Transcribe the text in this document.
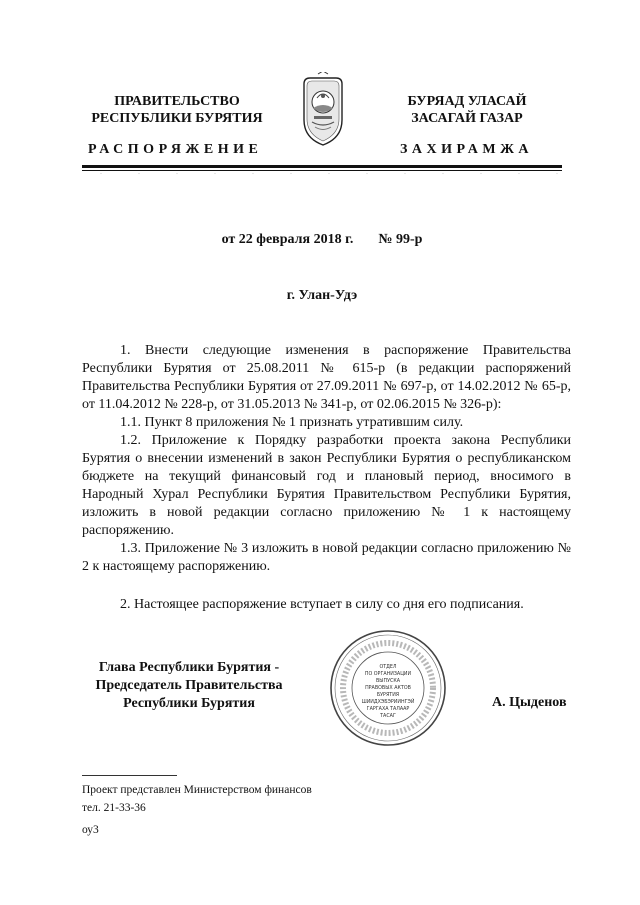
ПРАВИТЕЛЬСТВО
РЕСПУБЛИКИ БУРЯТИЯ
БУРЯАД УЛАСАЙ
ЗАСАГАЙ ГАЗАР
РАСПОРЯЖЕНИЕ	ЗАХИРАМЖА
от 22 февраля 2018 г. № 99-р
г. Улан-Удэ

1. Внести следующие изменения в распоряжение Правительства Республики Бурятия от 25.08.2011 № 615-р (в редакции распоряжений Правительства Республики Бурятия от 27.09.2011 № 697-р, от 14.02.2012 № 65-р, от 11.04.2012 № 228-р, от 31.05.2013 № 341-р, от 02.06.2015 № 326-р):

1.1. Пункт 8 приложения № 1 признать утратившим силу.

1.2. Приложение к Порядку разработки проекта закона Республики Бурятия о внесении изменений в закон Республики Бурятия о республиканском бюджете на текущий финансовый год и плановый период, вносимого в Народный Хурал Республики Бурятия Правительством Республики Бурятия, изложить в новой редакции согласно приложению № 1 к настоящему распоряжению.

1.3. Приложение № 3 изложить в новой редакции согласно приложению № 2 к настоящему распоряжению.

2. Настоящее распоряжение вступает в силу со дня его подписания.

Глава Республики Бурятия -
Председатель Правительства
Республики Бурятия
ОТДЕЛ
ПО ОРГАНИЗАЦИИ
ВЫПУСКА
ПРАВОВЫХ АКТОВ
БУРЯТИЯ
ШИИДХЭБЭРИИНГЭЙ
ГАРГАХА ТАЛААР
ТАСАГ
А. Цыденов
Проект представлен Министерством финансов
тел. 21-33-36
оу3
